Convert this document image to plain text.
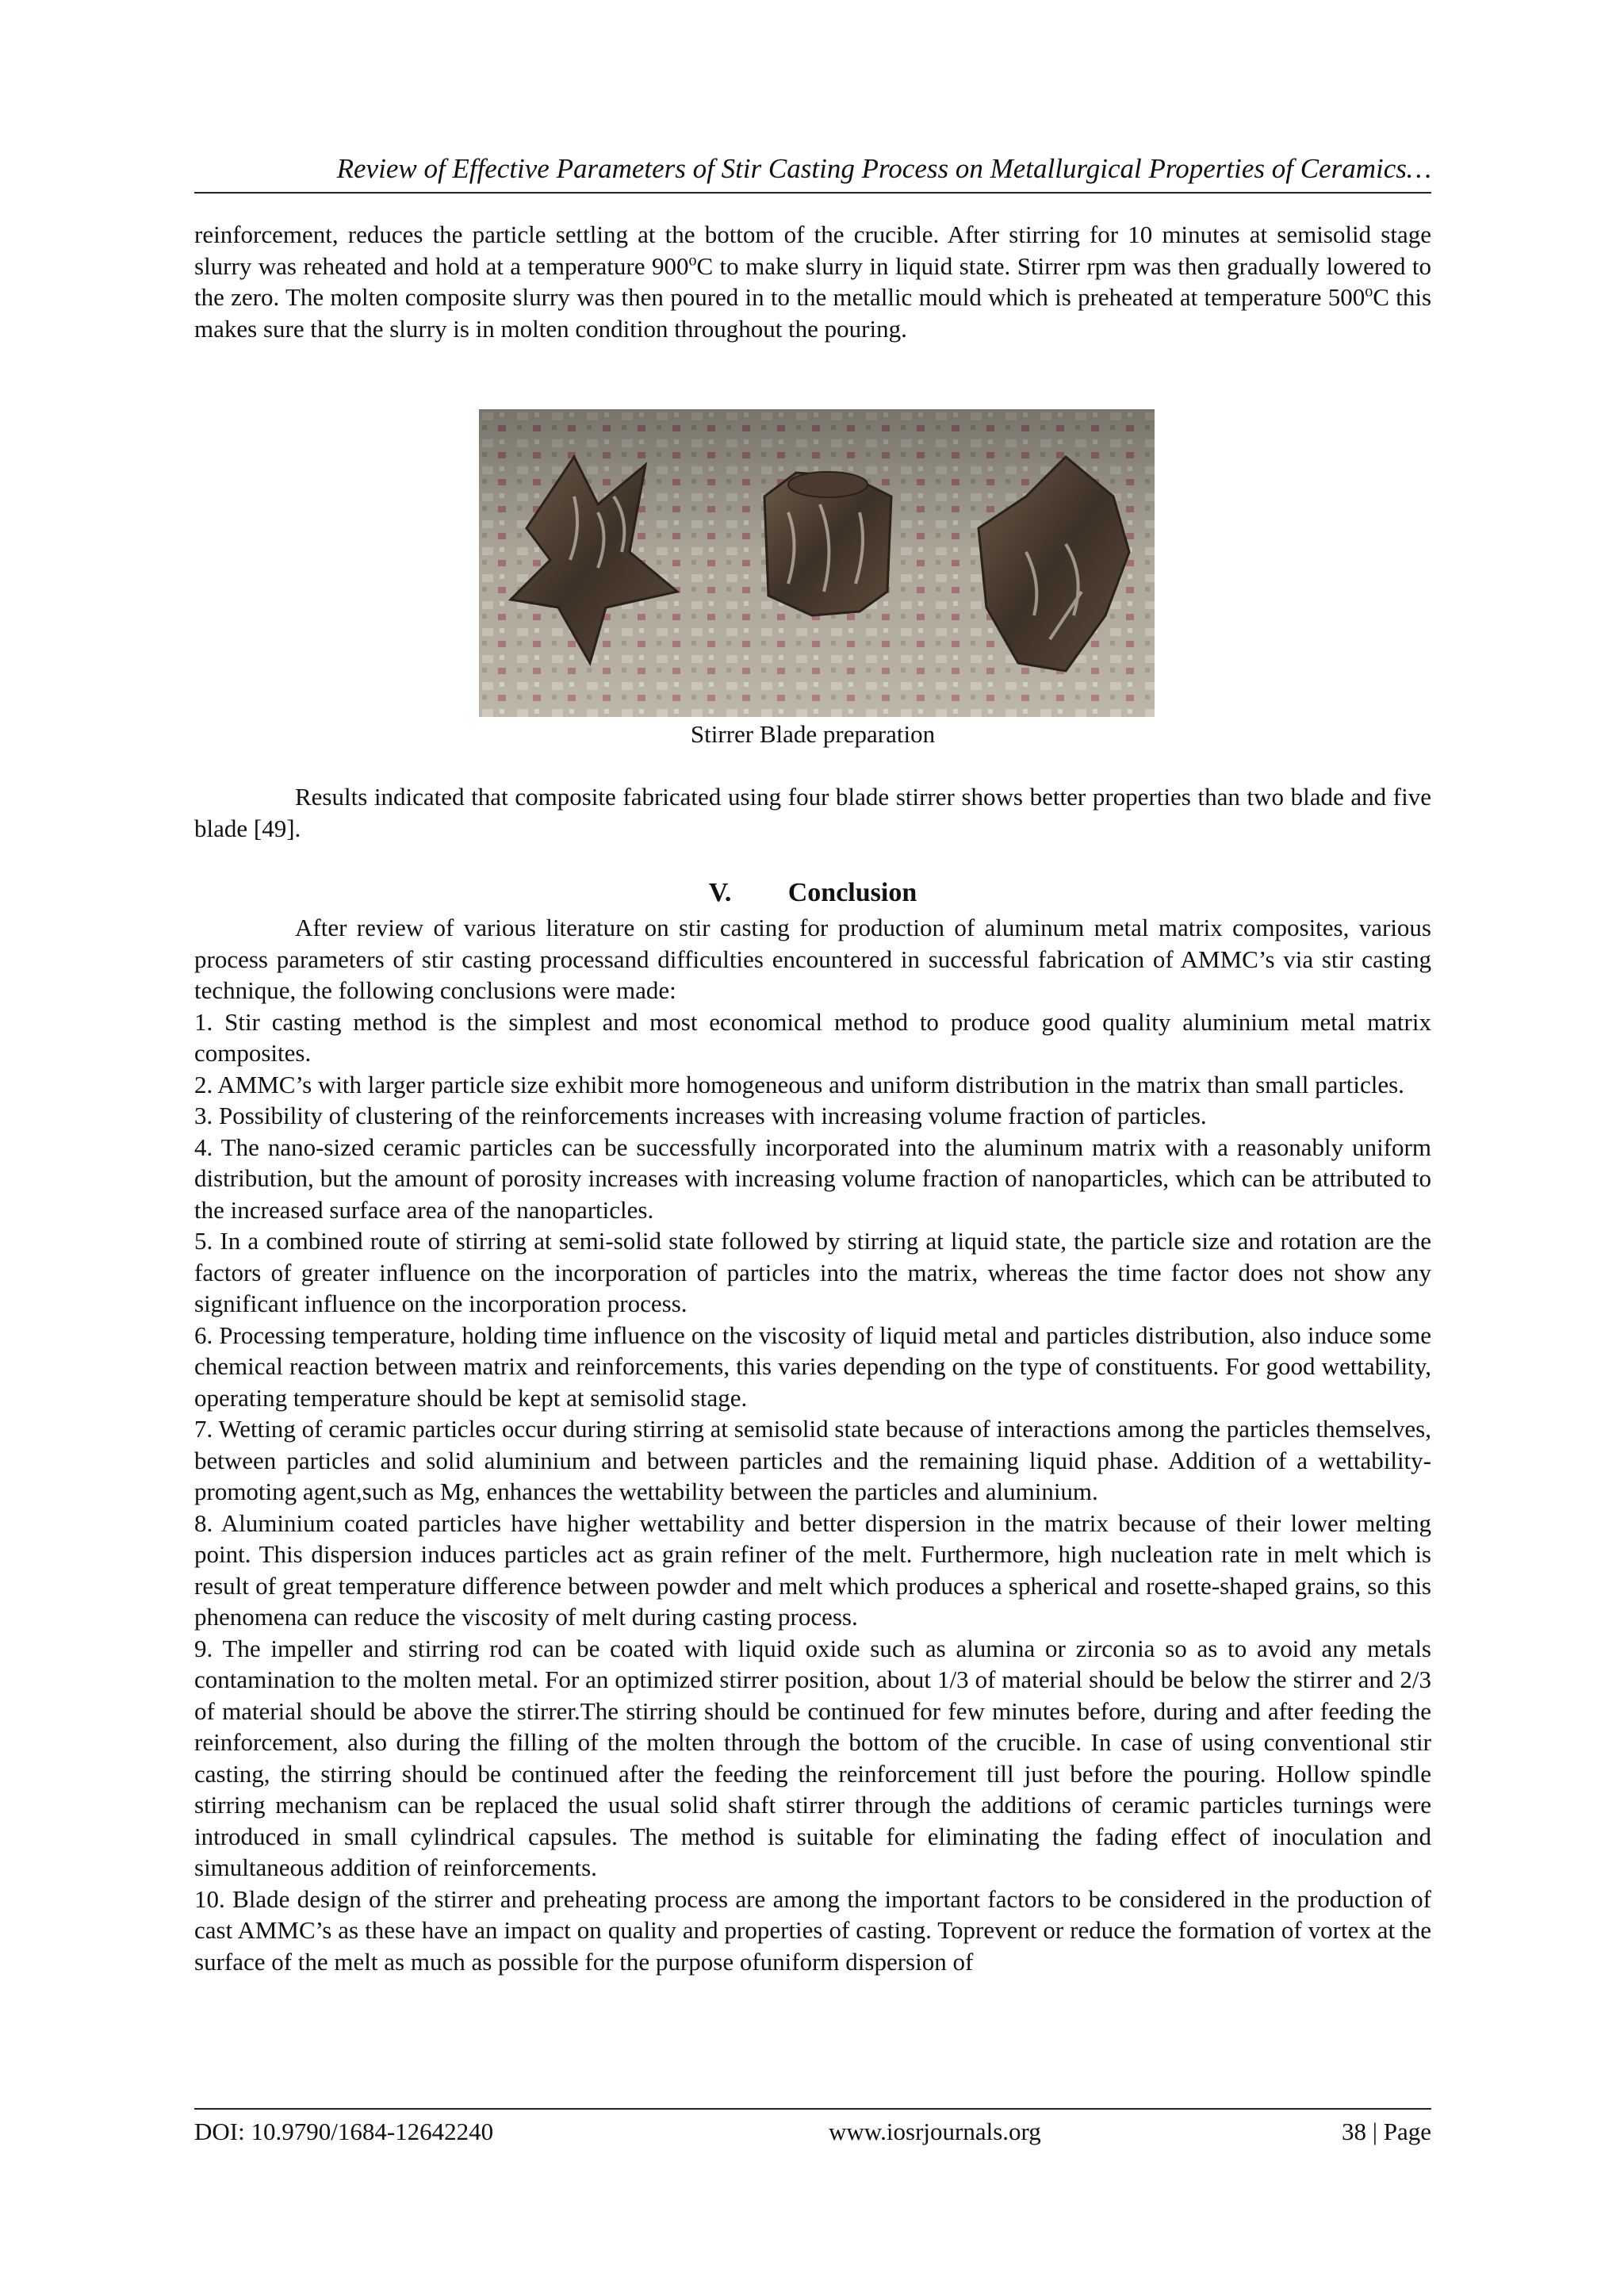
Review of Effective Parameters of Stir Casting Process on Metallurgical Properties of Ceramics…

reinforcement, reduces the particle settling at the bottom of the crucible. After stirring for 10 minutes at semisolid stage slurry was reheated and hold at a temperature 900$^o$C to make slurry in liquid state. Stirrer rpm was then gradually lowered to the zero. The molten composite slurry was then poured in to the metallic mould which is preheated at temperature 500$^o$C this makes sure that the slurry is in molten condition throughout the pouring.

Stirrer Blade preparation

Results indicated that composite fabricated using four blade stirrer shows better properties than two blade and five blade [49].

V. Conclusion

After review of various literature on stir casting for production of aluminum metal matrix composites, various process parameters of stir casting processand difficulties encountered in successful fabrication of AMMC’s via stir casting technique, the following conclusions were made:

1. Stir casting method is the simplest and most economical method to produce good quality aluminium metal matrix composites.

2. AMMC’s with larger particle size exhibit more homogeneous and uniform distribution in the matrix than small particles.

3. Possibility of clustering of the reinforcements increases with increasing volume fraction of particles.

4. The nano-sized ceramic particles can be successfully incorporated into the aluminum matrix with a reasonably uniform distribution, but the amount of porosity increases with increasing volume fraction of nanoparticles, which can be attributed to the increased surface area of the nanoparticles.

5. In a combined route of stirring at semi-solid state followed by stirring at liquid state, the particle size and rotation are the factors of greater influence on the incorporation of particles into the matrix, whereas the time factor does not show any significant influence on the incorporation process.

6. Processing temperature, holding time influence on the viscosity of liquid metal and particles distribution, also induce some chemical reaction between matrix and reinforcements, this varies depending on the type of constituents. For good wettability, operating temperature should be kept at semisolid stage.

7. Wetting of ceramic particles occur during stirring at semisolid state because of interactions among the particles themselves, between particles and solid aluminium and between particles and the remaining liquid phase. Addition of a wettability-promoting agent,such as Mg, enhances the wettability between the particles and aluminium.

8. Aluminium coated particles have higher wettability and better dispersion in the matrix because of their lower melting point. This dispersion induces particles act as grain refiner of the melt. Furthermore, high nucleation rate in melt which is result of great temperature difference between powder and melt which produces a spherical and rosette-shaped grains, so this phenomena can reduce the viscosity of melt during casting process.

9. The impeller and stirring rod can be coated with liquid oxide such as alumina or zirconia so as to avoid any metals contamination to the molten metal. For an optimized stirrer position, about 1/3 of material should be below the stirrer and 2/3 of material should be above the stirrer.The stirring should be continued for few minutes before, during and after feeding the reinforcement, also during the filling of the molten through the bottom of the crucible. In case of using conventional stir casting, the stirring should be continued after the feeding the reinforcement till just before the pouring. Hollow spindle stirring mechanism can be replaced the usual solid shaft stirrer through the additions of ceramic particles turnings were introduced in small cylindrical capsules. The method is suitable for eliminating the fading effect of inoculation and simultaneous addition of reinforcements.

10. Blade design of the stirrer and preheating process are among the important factors to be considered in the production of cast AMMC’s as these have an impact on quality and properties of casting. Toprevent or reduce the formation of vortex at the surface of the melt as much as possible for the purpose ofuniform dispersion of

DOI: 10.9790/1684-12642240	www.iosrjournals.org	38 | Page
